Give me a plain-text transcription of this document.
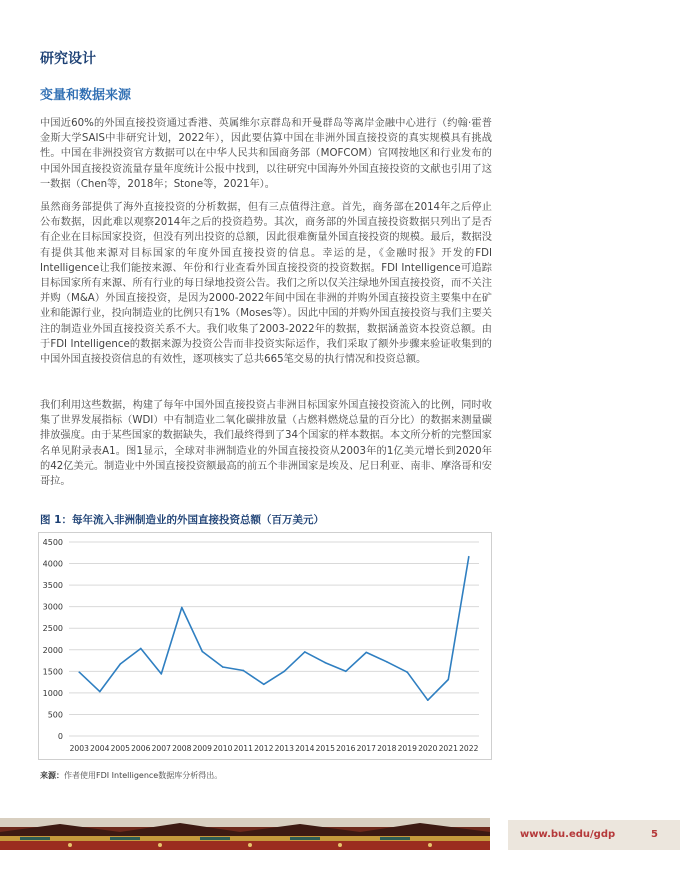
研究设计
变量和数据来源

中国近60%的外国直接投资通过香港、英属维尔京群岛和开曼群岛等离岸金融中心进行（约翰·霍普金斯大学SAIS中非研究计划，2022年），因此要估算中国在非洲外国直接投资的真实规模具有挑战性。中国在非洲投资官方数据可以在中华人民共和国商务部（MOFCOM）官网按地区和行业发布的中国外国直接投资流量存量年度统计公报中找到，以往研究中国海外外国直接投资的文献也引用了这一数据（Chen等，2018年；Stone等，2021年）。

虽然商务部提供了海外直接投资的分析数据，但有三点值得注意。首先，商务部在2014年之后停止公布数据，因此难以观察2014年之后的投资趋势。其次，商务部的外国直接投资数据只列出了是否有企业在目标国家投资，但没有列出投资的总额，因此很难衡量外国直接投资的规模。最后，数据没有提供其他来源对目标国家的年度外国直接投资的信息。幸运的是，《金融时报》开发的FDI Intelligence让我们能按来源、年份和行业查看外国直接投资的投资数据。FDI Intelligence可追踪目标国家所有来源、所有行业的每日绿地投资公告。我们之所以仅关注绿地外国直接投资，而不关注并购（M&A）外国直接投资，是因为2000-2022年间中国在非洲的并购外国直接投资主要集中在矿业和能源行业，投向制造业的比例只有1%（Moses等）。因此中国的并购外国直接投资与我们主要关注的制造业外国直接投资关系不大。我们收集了2003-2022年的数据，数据涵盖资本投资总额。由于FDI Intelligence的数据来源为投资公告而非投资实际运作，我们采取了额外步骤来验证收集到的中国外国直接投资信息的有效性，逐项核实了总共665笔交易的执行情况和投资总额。

我们利用这些数据，构建了每年中国外国直接投资占非洲目标国家外国直接投资流入的比例，同时收集了世界发展指标（WDI）中有制造业二氧化碳排放量（占燃料燃烧总量的百分比）的数据来测量碳排放强度。由于某些国家的数据缺失，我们最终得到了34个国家的样本数据。本文所分析的完整国家名单见附录表A1。图1显示，全球对非洲制造业的外国直接投资从2003年的1亿美元增长到2020年的42亿美元。制造业中外国直接投资额最高的前五个非洲国家是埃及、尼日利亚、南非、摩洛哥和安哥拉。

图 1：每年流入非洲制造业的外国直接投资总额（百万美元）

0
500
1000
1500
2000
2500
3000
3500
4000
4500
2003 2004 2005 2006 2007 2008 2009 2010 2011 2012 2013 2014 2015 2016 2017 2018 2019 2020 2021 2022

来源：作者使用FDI Intelligence数据库分析得出。

www.bu.edu/gdp	5
